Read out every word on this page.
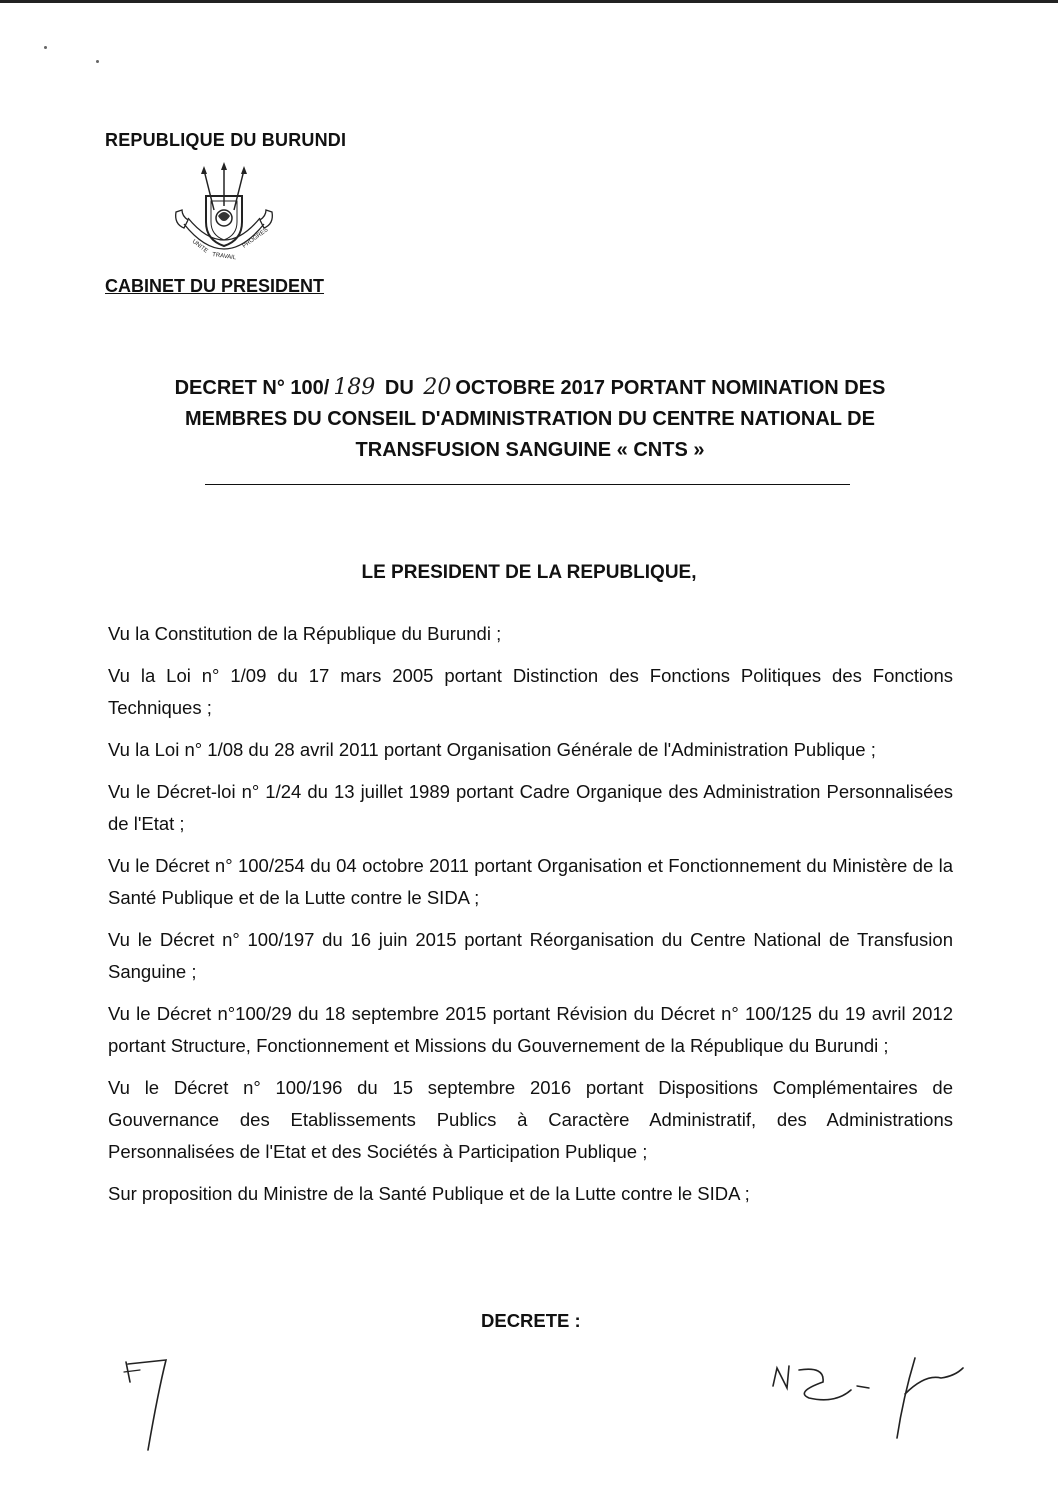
REPUBLIQUE DU BURUNDI
UNITE
TRAVAIL
PROGRES
CABINET DU PRESIDENT
DECRET N° 100/ 189 DU 20 OCTOBRE 2017 PORTANT NOMINATION DES
MEMBRES DU CONSEIL D'ADMINISTRATION DU CENTRE NATIONAL DE
TRANSFUSION SANGUINE « CNTS »
LE PRESIDENT DE LA REPUBLIQUE,

Vu la Constitution de la République du Burundi ;

Vu la Loi n° 1/09 du 17 mars 2005 portant Distinction des Fonctions Politiques des Fonctions Techniques ;

Vu la Loi n° 1/08 du 28 avril 2011 portant Organisation Générale de l'Administration Publique ;

Vu le Décret-loi n° 1/24 du 13 juillet 1989 portant Cadre Organique des Administration Personnalisées de l'Etat ;

Vu le Décret n° 100/254 du 04 octobre 2011 portant Organisation et Fonctionnement du Ministère de la Santé Publique et de la Lutte contre le SIDA ;

Vu le Décret n° 100/197 du 16 juin 2015 portant Réorganisation du Centre National de Transfusion Sanguine ;

Vu le Décret n°100/29 du 18 septembre 2015 portant Révision du Décret n° 100/125 du 19 avril 2012 portant Structure, Fonctionnement et Missions du Gouvernement de la République du Burundi ;

Vu le Décret n° 100/196 du 15 septembre 2016 portant Dispositions Complémentaires de Gouvernance des Etablissements Publics à Caractère Administratif, des Administrations Personnalisées de l'Etat et des Sociétés à Participation Publique ;

Sur proposition du Ministre de la Santé Publique et de la Lutte contre le SIDA ;

DECRETE :
